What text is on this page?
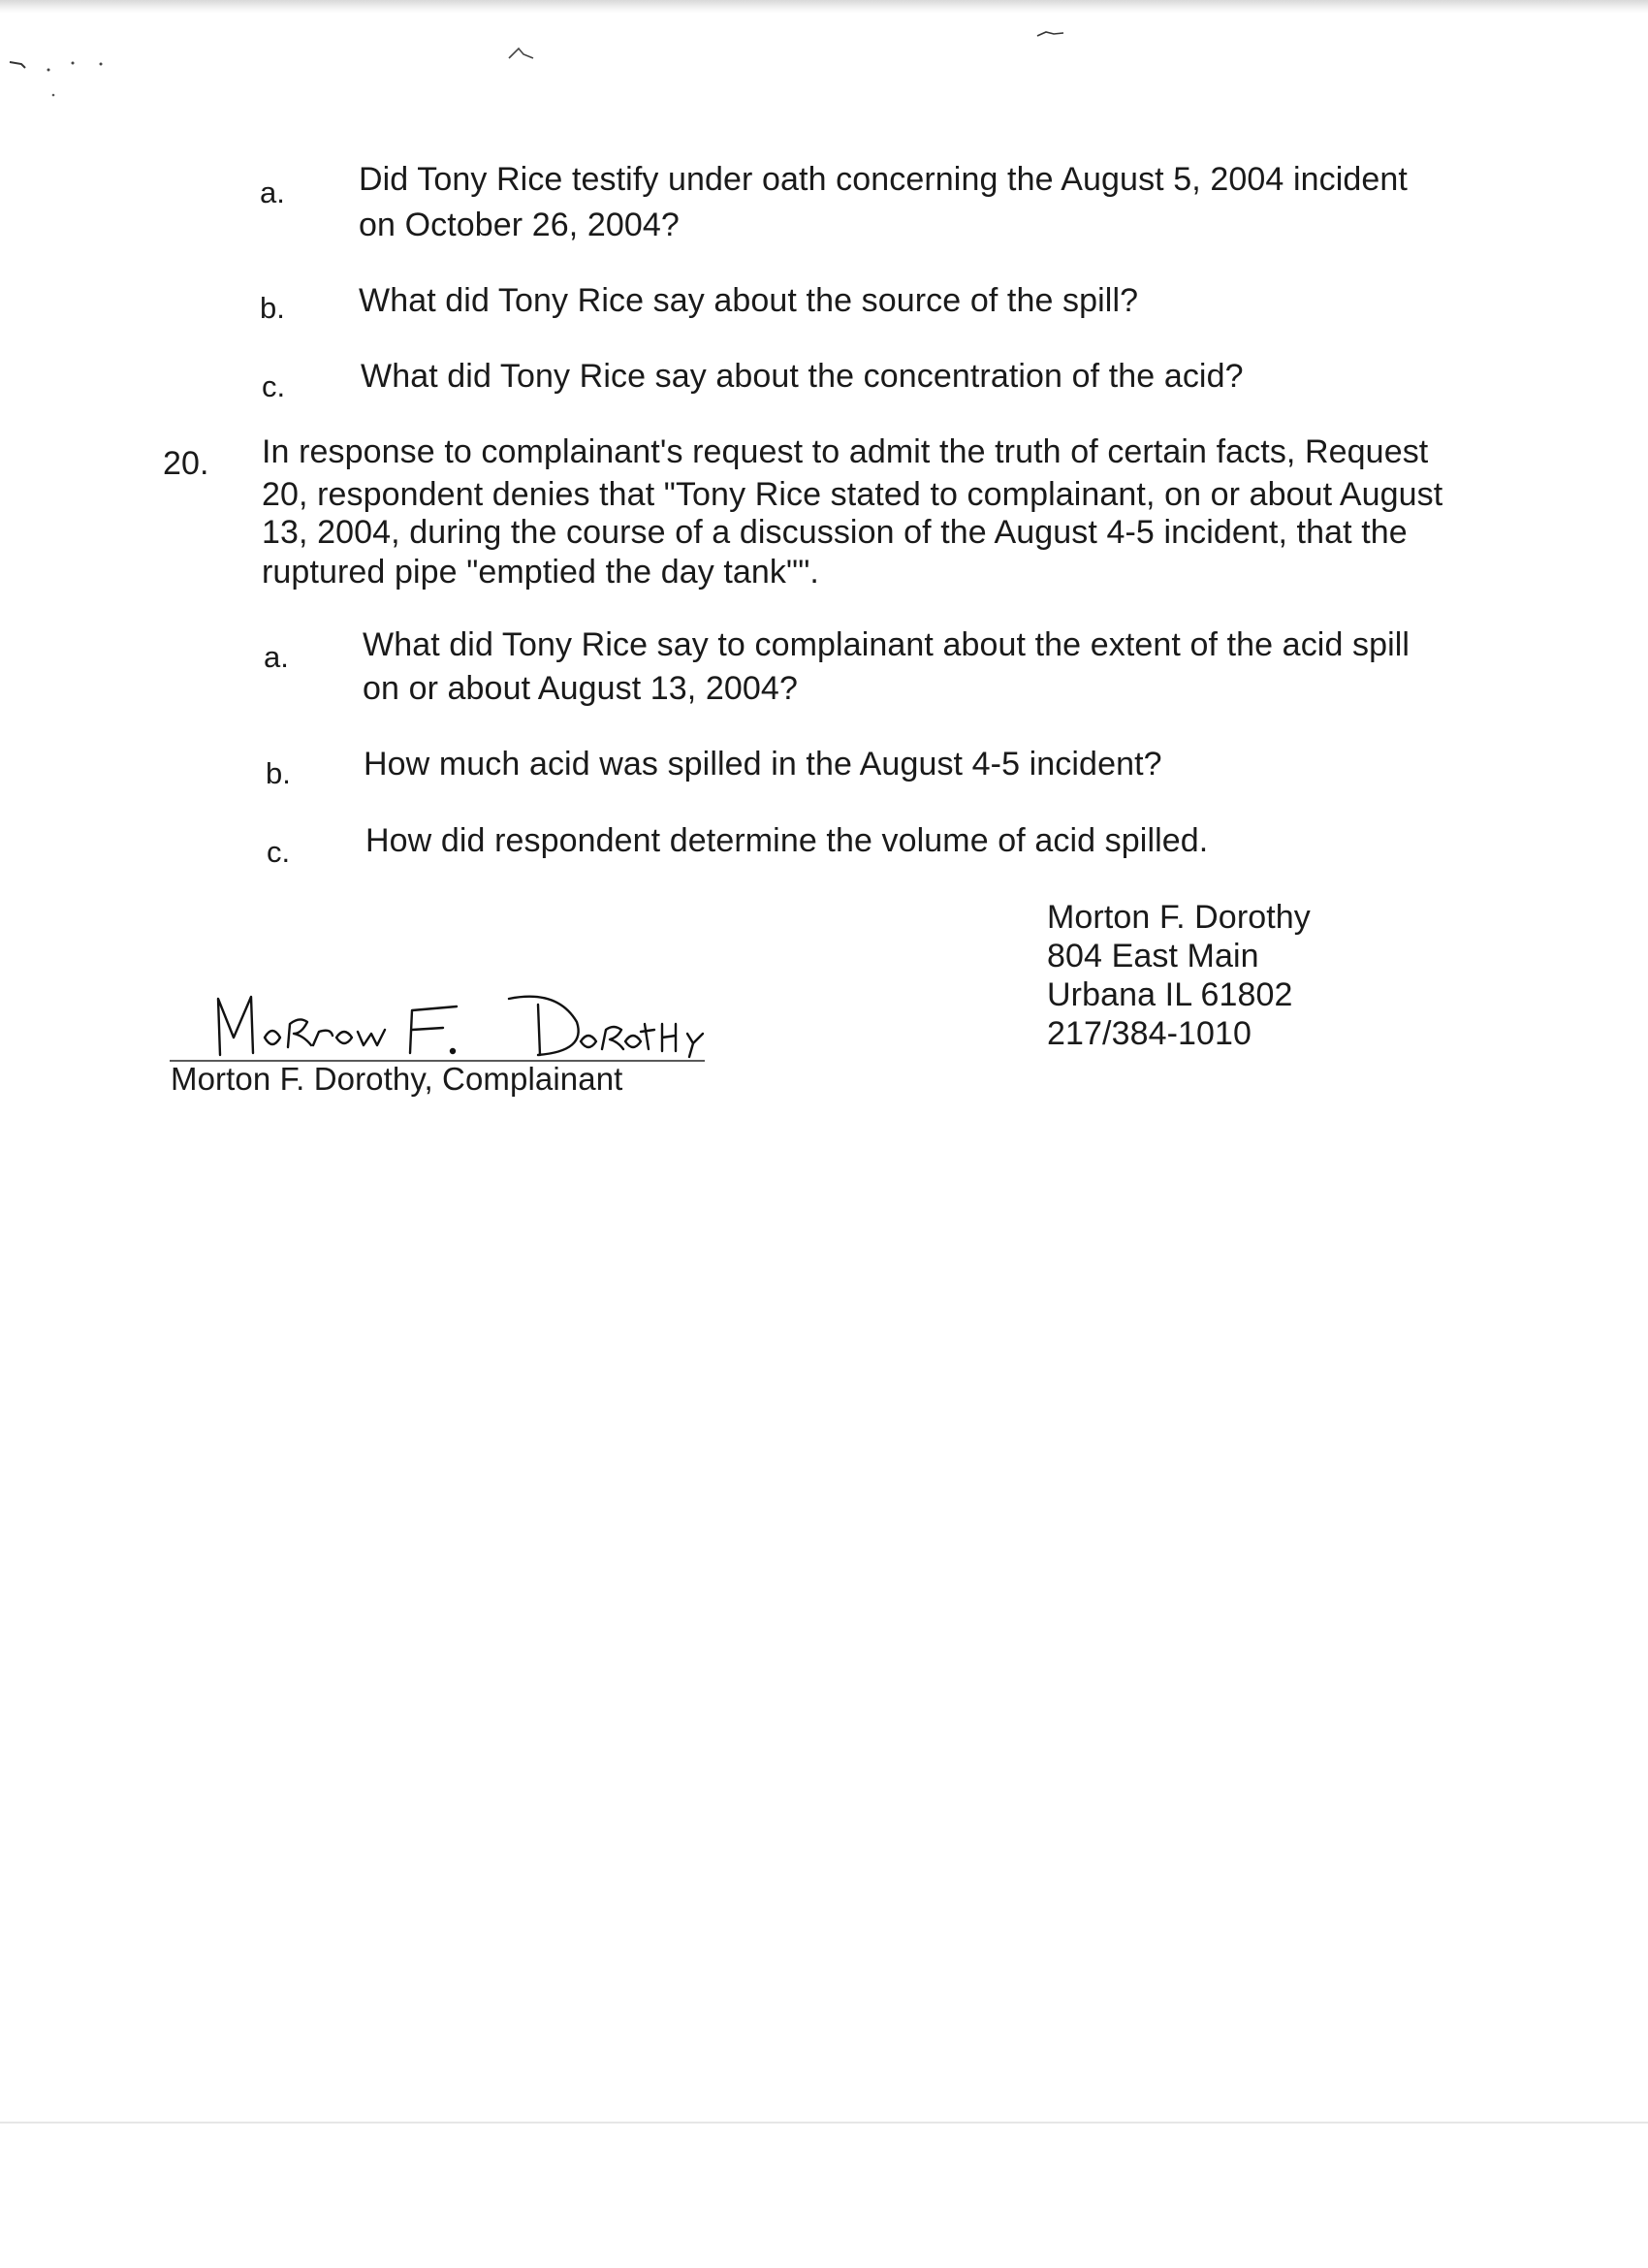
a. Did Tony Rice testify under oath concerning the August 5, 2004 incident
on October 26, 2004?
b. What did Tony Rice say about the source of the spill?
c. What did Tony Rice say about the concentration of the acid?
20. In response to complainant's request to admit the truth of certain facts, Request
20, respondent denies that "Tony Rice stated to complainant, on or about August
13, 2004, during the course of a discussion of the August 4-5 incident, that the
ruptured pipe "emptied the day tank"".
a. What did Tony Rice say to complainant about the extent of the acid spill
on or about August 13, 2004?
b. How much acid was spilled in the August 4-5 incident?
c. How did respondent determine the volume of acid spilled.
Morton F. Dorothy
804 East Main
Urbana IL 61802
217/384-1010
Morton F. Dorothy, Complainant
